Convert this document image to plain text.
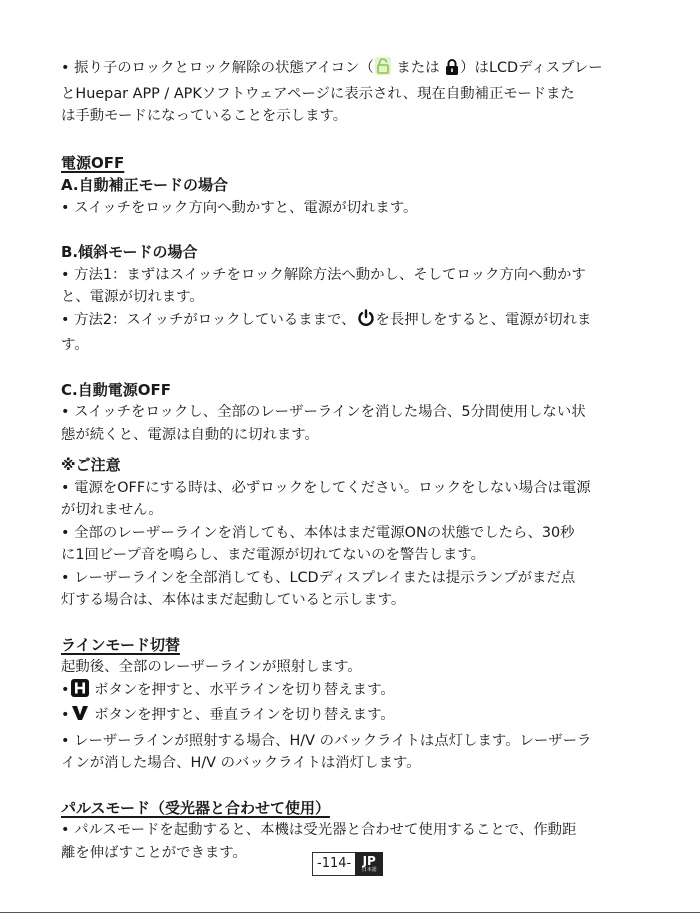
• 振り子のロックとロック解除の状態アイコン（ または ）はLCDディスプレー
とHuepar APP / APKソフトウェアページに表示され、現在自動補正モードまた
は手動モードになっていることを示します。

電源OFF

A.自動補正モードの場合

• スイッチをロック方向へ動かすと、電源が切れます。

B.傾斜モードの場合

• 方法1：まずはスイッチをロック解除方法へ動かし、そしてロック方向へ動かす
と、電源が切れます。

• 方法2：スイッチがロックしているままで、 を長押しをすると、電源が切れま
す。

C.自動電源OFF

• スイッチをロックし、全部のレーザーラインを消した場合、5分間使用しない状
態が続くと、電源は自動的に切れます。

※ご注意

• 電源をOFFにする時は、必ずロックをしてください。ロックをしない場合は電源
が切れません。

• 全部のレーザーラインを消しても、本体はまだ電源ONの状態でしたら、30秒
に1回ビープ音を鳴らし、まだ電源が切れてないのを警告します。

• レーザーラインを全部消しても、LCDディスプレイまたは提示ランプがまだ点
灯する場合は、本体はまだ起動していると示します。

ラインモード切替

起動後、全部のレーザーラインが照射します。

• ボタンを押すと、水平ラインを切り替えます。

• ボタンを押すと、垂直ラインを切り替えます。

• レーザーラインが照射する場合、H/V のバックライトは点灯します。レーザーラ
インが消した場合、H/V のバックライトは消灯します。

パルスモード（受光器と合わせて使用）

• パルスモードを起動すると、本機は受光器と合わせて使用することで、作動距
離を伸ばすことができます。

-114- JP
日本語
